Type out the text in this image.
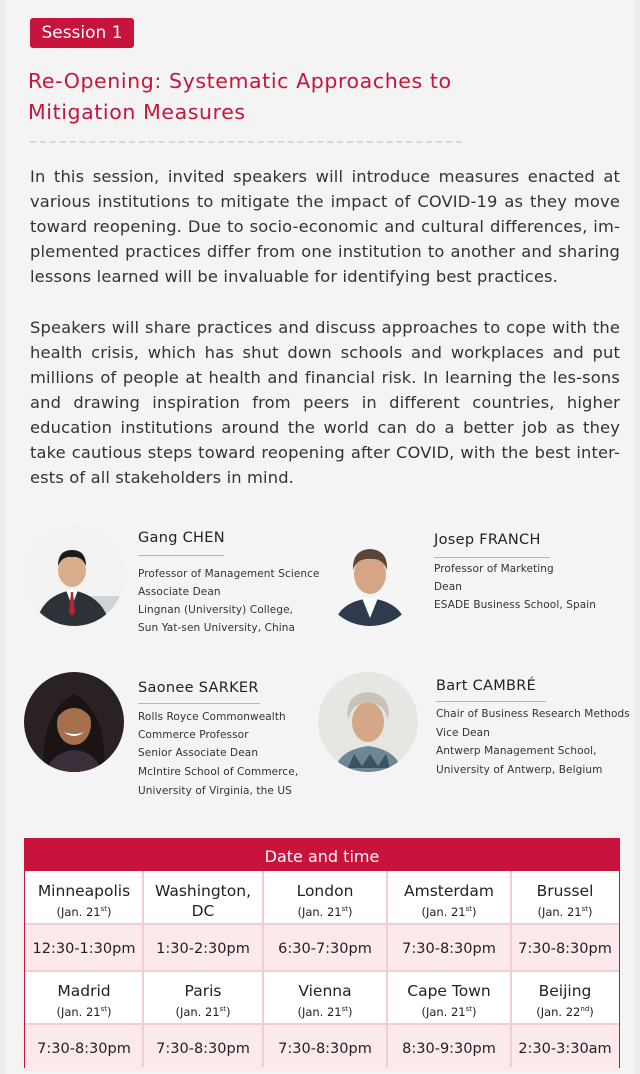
Session 1
Re-Opening: Systematic Approaches to
Mitigation Measures
In this session, invited speakers will introduce measures enacted at various institutions to mitigate the impact of COVID-19 as they move toward reopening. Due to socio-economic and cultural differences, im-plemented practices differ from one institution to another and sharing lessons learned will be invaluable for identifying best practices.
Speakers will share practices and discuss approaches to cope with the health crisis, which has shut down schools and workplaces and put millions of people at health and financial risk. In learning the les-sons and drawing inspiration from peers in different countries, higher education institutions around the world can do a better job as they take cautious steps toward reopening after COVID, with the best inter-ests of all stakeholders in mind.
Gang CHEN
Professor of Management Science
Associate Dean
Lingnan (University) College,
Sun Yat-sen University, China
Josep FRANCH
Professor of Marketing
Dean
ESADE Business School, Spain
Saonee SARKER
Rolls Royce Commonwealth
Commerce Professor
Senior Associate Dean
McIntire School of Commerce,
University of Virginia, the US
Bart CAMBRÉ
Chair of Business Research Methods
Vice Dean
Antwerp Management School,
University of Antwerp, Belgium
Date and time
Minneapolis
(Jan. 21st)
12:30-1:30pm
Washington, DC
1:30-2:30pm
London
(Jan. 21st)
6:30-7:30pm
Amsterdam
(Jan. 21st)
7:30-8:30pm
Brussel
(Jan. 21st)
7:30-8:30pm
Madrid
(Jan. 21st)
7:30-8:30pm
Paris
(Jan. 21st)
7:30-8:30pm
Vienna
(Jan. 21st)
7:30-8:30pm
Cape Town
(Jan. 21st)
8:30-9:30pm
Beijing
(Jan. 22nd)
2:30-3:30am
